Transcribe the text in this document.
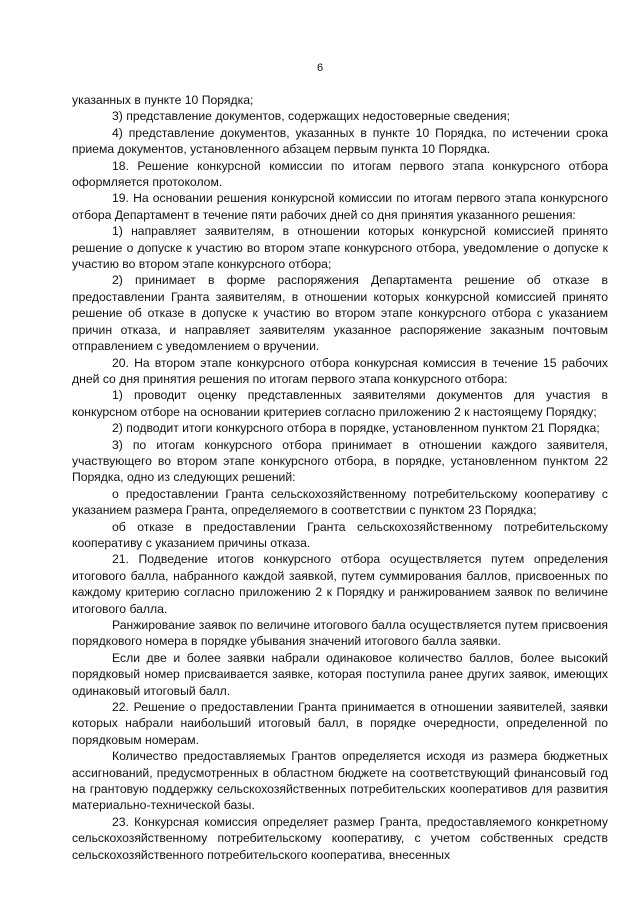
6

указанных в пункте 10 Порядка;

3) представление документов, содержащих недостоверные сведения;

4) представление документов, указанных в пункте 10 Порядка, по истечении срока приема документов, установленного абзацем первым пункта 10 Порядка.

18. Решение конкурсной комиссии по итогам первого этапа конкурсного отбора оформляется протоколом.

19. На основании решения конкурсной комиссии по итогам первого этапа конкурсного отбора Департамент в течение пяти рабочих дней со дня принятия указанного решения:

1) направляет заявителям, в отношении которых конкурсной комиссией принято решение о допуске к участию во втором этапе конкурсного отбора, уведомление о допуске к участию во втором этапе конкурсного отбора;

2) принимает в форме распоряжения Департамента решение об отказе в предоставлении Гранта заявителям, в отношении которых конкурсной комиссией принято решение об отказе в допуске к участию во втором этапе конкурсного отбора с указанием причин отказа, и направляет заявителям указанное распоряжение заказным почтовым отправлением с уведомлением о вручении.

20. На втором этапе конкурсного отбора конкурсная комиссия в течение 15 рабочих дней со дня принятия решения по итогам первого этапа конкурсного отбора:

1) проводит оценку представленных заявителями документов для участия в конкурсном отборе на основании критериев согласно приложению 2 к настоящему Порядку;

2) подводит итоги конкурсного отбора в порядке, установленном пунктом 21 Порядка;

3) по итогам конкурсного отбора принимает в отношении каждого заявителя, участвующего во втором этапе конкурсного отбора, в порядке, установленном пунктом 22 Порядка, одно из следующих решений:

о предоставлении Гранта сельскохозяйственному потребительскому кооперативу с указанием размера Гранта, определяемого в соответствии с пунктом 23 Порядка;

об отказе в предоставлении Гранта сельскохозяйственному потребительскому кооперативу с указанием причины отказа.

21. Подведение итогов конкурсного отбора осуществляется путем определения итогового балла, набранного каждой заявкой, путем суммирования баллов, присвоенных по каждому критерию согласно приложению 2 к Порядку и ранжированием заявок по величине итогового балла.

Ранжирование заявок по величине итогового балла осуществляется путем присвоения порядкового номера в порядке убывания значений итогового балла заявки.

Если две и более заявки набрали одинаковое количество баллов, более высокий порядковый номер присваивается заявке, которая поступила ранее других заявок, имеющих одинаковый итоговый балл.

22. Решение о предоставлении Гранта принимается в отношении заявителей, заявки которых набрали наибольший итоговый балл, в порядке очередности, определенной по порядковым номерам.

Количество предоставляемых Грантов определяется исходя из размера бюджетных ассигнований, предусмотренных в областном бюджете на соответствующий финансовый год на грантовую поддержку сельскохозяйственных потребительских кооперативов для развития материально-технической базы.

23. Конкурсная комиссия определяет размер Гранта, предоставляемого конкретному сельскохозяйственному потребительскому кооперативу, с учетом собственных средств сельскохозяйственного потребительского кооператива, внесенных
